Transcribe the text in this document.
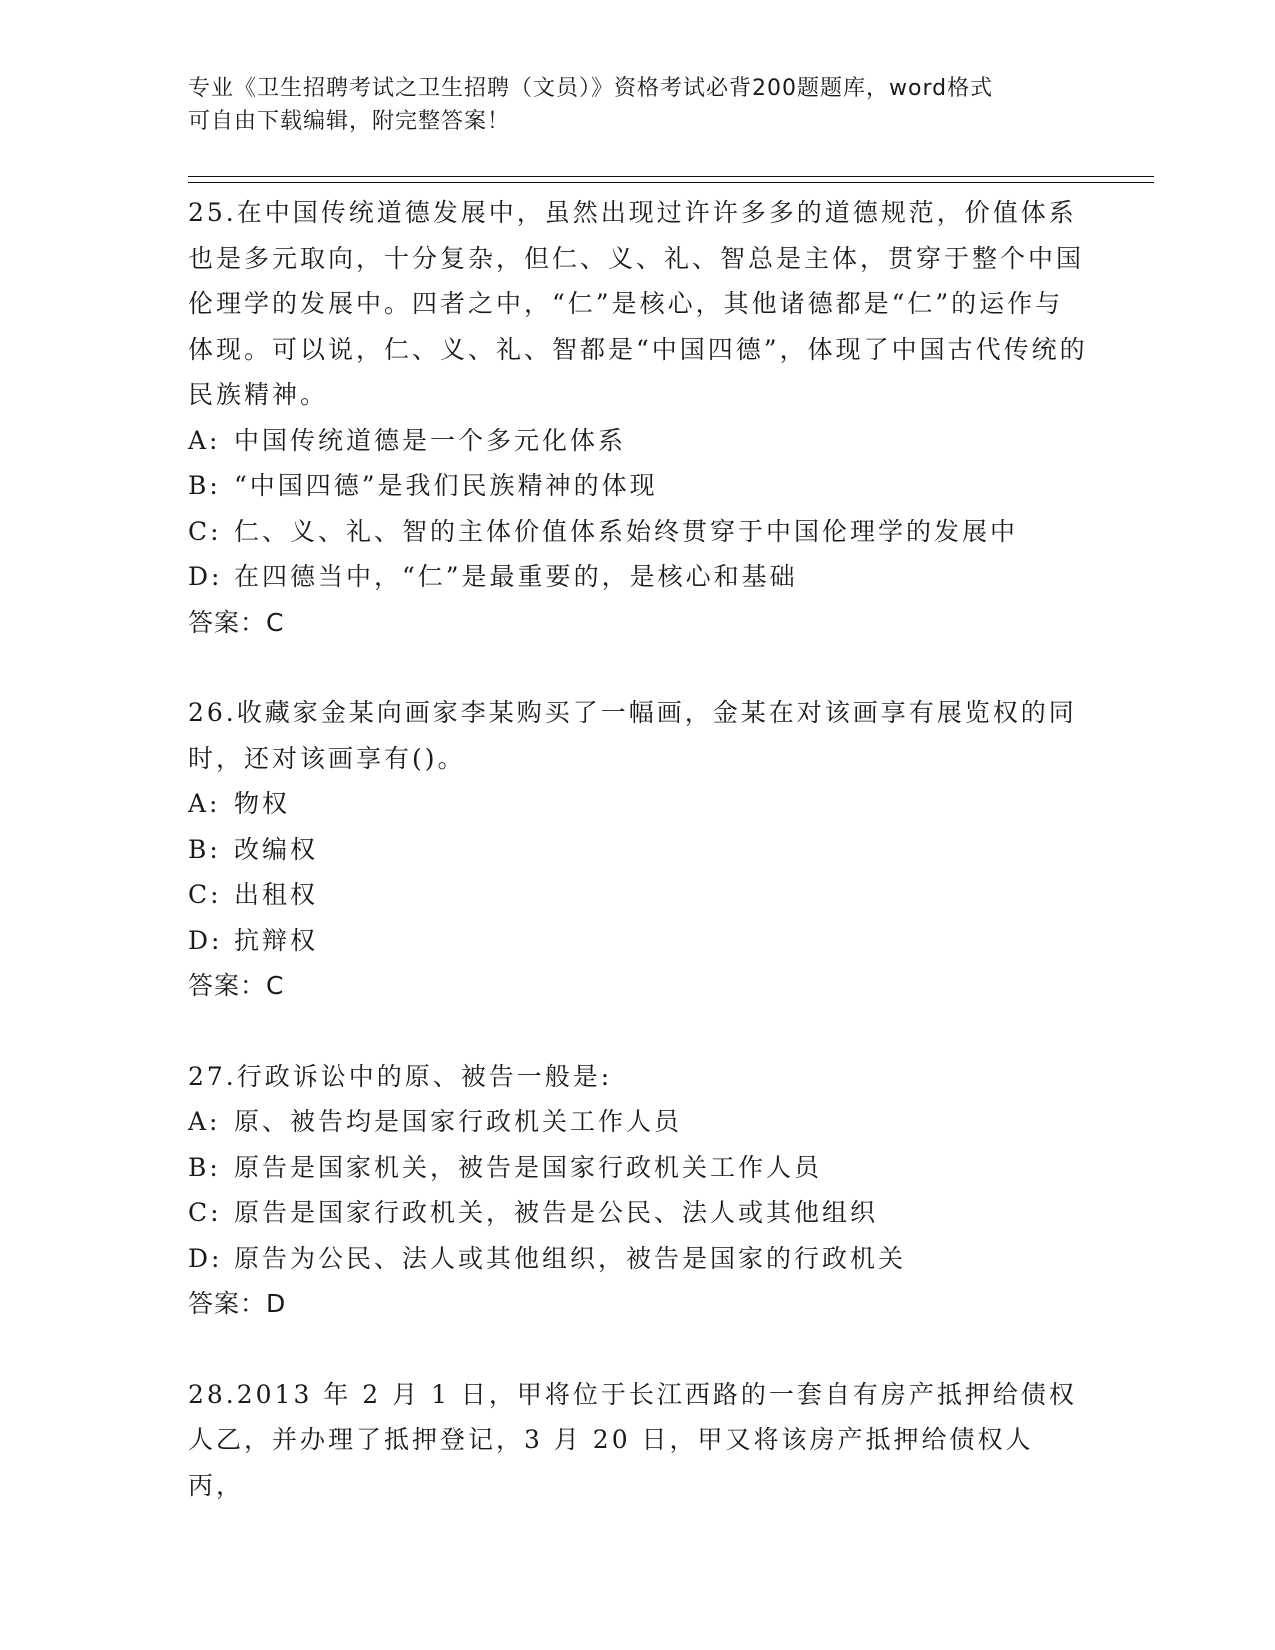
专业《卫生招聘考试之卫生招聘（文员）》资格考试必背200题题库，word格式
可自由下载编辑，附完整答案！
25.在中国传统道德发展中，虽然出现过许许多多的道德规范，价值体系也是多元取向，十分复杂，但仁、义、礼、智总是主体，贯穿于整个中国伦理学的发展中。四者之中，“仁”是核心，其他诸德都是“仁”的运作与体现。可以说，仁、义、礼、智都是“中国四德”，体现了中国古代传统的民族精神。
A: 中国传统道德是一个多元化体系
B: “中国四德”是我们民族精神的体现
C: 仁、义、礼、智的主体价值体系始终贯穿于中国伦理学的发展中
D: 在四德当中，“仁”是最重要的，是核心和基础
答案：C
26.收藏家金某向画家李某购买了一幅画，金某在对该画享有展览权的同时，还对该画享有()。
A: 物权
B: 改编权
C: 出租权
D: 抗辩权
答案：C
27.行政诉讼中的原、被告一般是:
A: 原、被告均是国家行政机关工作人员
B: 原告是国家机关，被告是国家行政机关工作人员
C: 原告是国家行政机关，被告是公民、法人或其他组织
D: 原告为公民、法人或其他组织，被告是国家的行政机关
答案：D
28.2013 年 2 月 1 日，甲将位于长江西路的一套自有房产抵押给债权人乙，并办理了抵押登记，3 月 20 日，甲又将该房产抵押给债权人丙，
